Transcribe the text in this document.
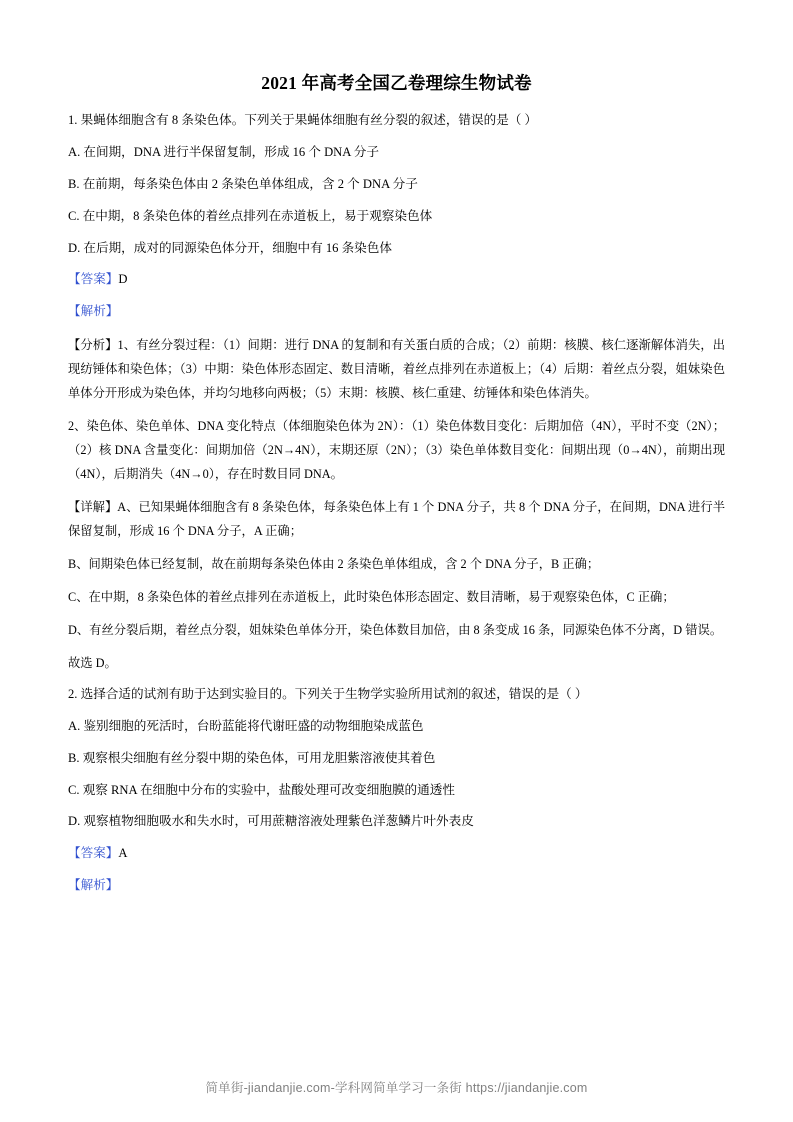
2021 年高考全国乙卷理综生物试卷
1. 果蝇体细胞含有 8 条染色体。下列关于果蝇体细胞有丝分裂的叙述，错误的是（ ）
A. 在间期，DNA 进行半保留复制，形成 16 个 DNA 分子
B. 在前期，每条染色体由 2 条染色单体组成，含 2 个 DNA 分子
C. 在中期，8 条染色体的着丝点排列在赤道板上，易于观察染色体
D. 在后期，成对的同源染色体分开，细胞中有 16 条染色体
【答案】D
【解析】
【分析】1、有丝分裂过程：（1）间期：进行 DNA 的复制和有关蛋白质的合成；（2）前期：核膜、核仁逐渐解体消失，出现纺锤体和染色体；（3）中期：染色体形态固定、数目清晰，着丝点排列在赤道板上；（4）后期：着丝点分裂，姐妹染色单体分开形成为染色体，并均匀地移向两极；（5）末期：核膜、核仁重建、纺锤体和染色体消失。
2、染色体、染色单体、DNA 变化特点（体细胞染色体为 2N）：（1）染色体数目变化：后期加倍（4N），平时不变（2N）；（2）核 DNA 含量变化：间期加倍（2N→4N），末期还原（2N）；（3）染色单体数目变化：间期出现（0→4N），前期出现（4N），后期消失（4N→0），存在时数目同 DNA。
【详解】A、已知果蝇体细胞含有 8 条染色体，每条染色体上有 1 个 DNA 分子，共 8 个 DNA 分子，在间期，DNA 进行半保留复制，形成 16 个 DNA 分子，A 正确；
B、间期染色体已经复制，故在前期每条染色体由 2 条染色单体组成，含 2 个 DNA 分子，B 正确；
C、在中期，8 条染色体的着丝点排列在赤道板上，此时染色体形态固定、数目清晰，易于观察染色体，C 正确；
D、有丝分裂后期，着丝点分裂，姐妹染色单体分开，染色体数目加倍，由 8 条变成 16 条，同源染色体不分离，D 错误。
故选 D。
2. 选择合适的试剂有助于达到实验目的。下列关于生物学实验所用试剂的叙述，错误的是（ ）
A. 鉴别细胞的死活时，台盼蓝能将代谢旺盛的动物细胞染成蓝色
B. 观察根尖细胞有丝分裂中期的染色体，可用龙胆紫溶液使其着色
C. 观察 RNA 在细胞中分布的实验中，盐酸处理可改变细胞膜的通透性
D. 观察植物细胞吸水和失水时，可用蔗糖溶液处理紫色洋葱鳞片叶外表皮
【答案】A
【解析】
简单街-jiandanjie.com-学科网简单学习一条街 https://jiandanjie.com
